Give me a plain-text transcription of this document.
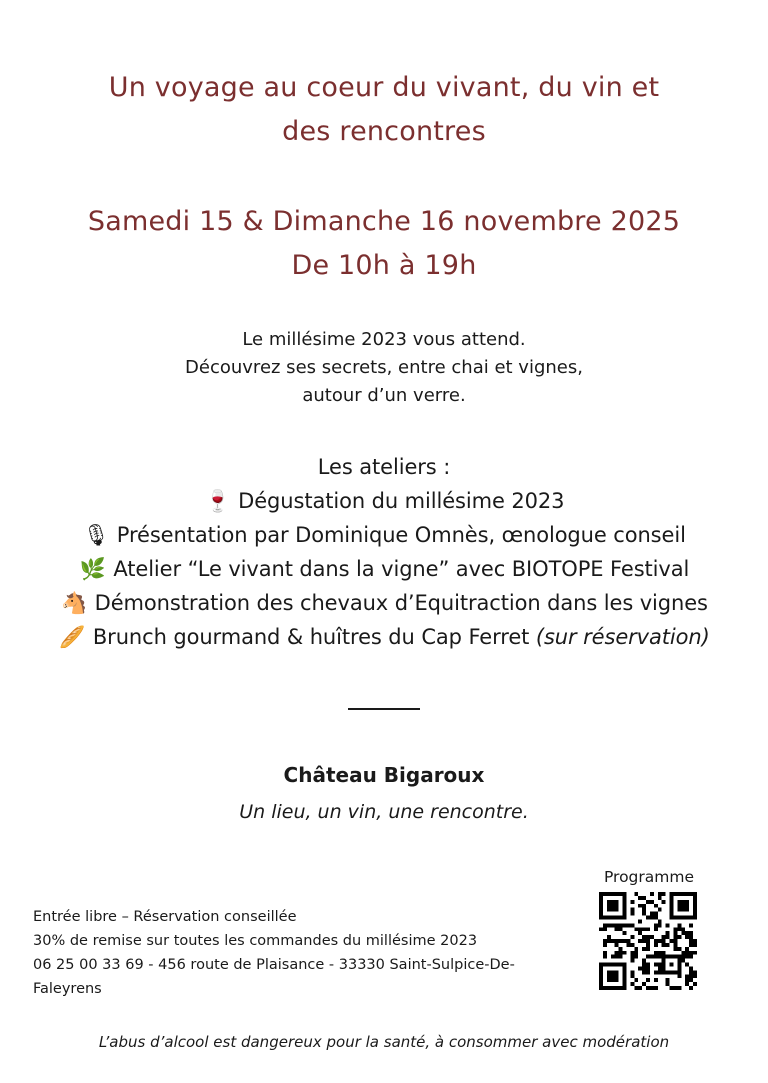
Un voyage au coeur du vivant, du vin et
des rencontres
Samedi 15 & Dimanche 16 novembre 2025
De 10h à 19h
Le millésime 2023 vous attend.
Découvrez ses secrets, entre chai et vignes,
autour d’un verre.
Les ateliers :
🍷 Dégustation du millésime 2023
🎙 Présentation par Dominique Omnès, œnologue conseil
🌿 Atelier “Le vivant dans la vigne” avec BIOTOPE Festival
🐴 Démonstration des chevaux d’Equitraction dans les vignes
🥖 Brunch gourmand & huîtres du Cap Ferret (sur réservation)
Château Bigaroux
Un lieu, un vin, une rencontre.
Entrée libre – Réservation conseillée
30% de remise sur toutes les commandes du millésime 2023
06 25 00 33 69 - 456 route de Plaisance - 33330 Saint-Sulpice-De-
Faleyrens
Programme
L’abus d’alcool est dangereux pour la santé, à consommer avec modération
